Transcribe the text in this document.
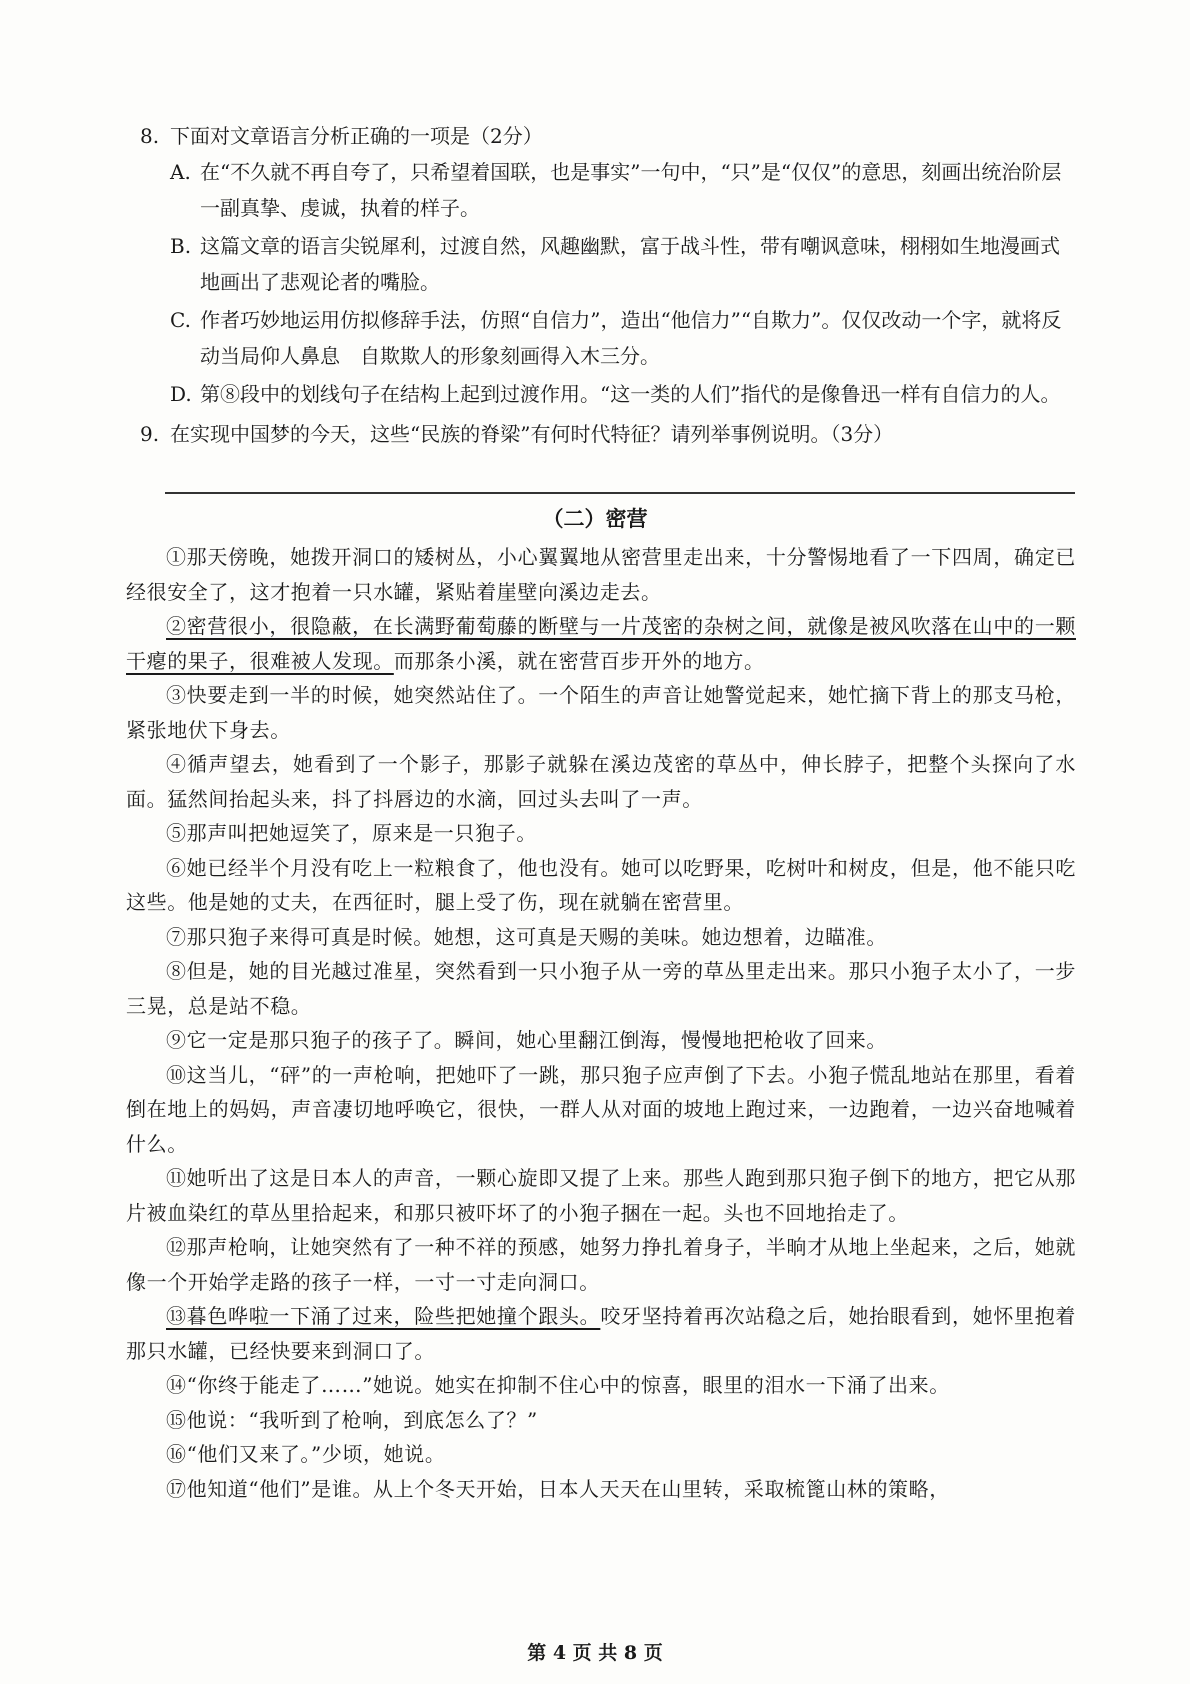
8. 下面对文章语言分析正确的一项是（2分）
A. 在“不久就不再自夸了，只希望着国联，也是事实”一句中，“只”是“仅仅”的意思，刻画出统治阶层一副真挚、虔诚，执着的样子。
B. 这篇文章的语言尖锐犀利，过渡自然，风趣幽默，富于战斗性，带有嘲讽意味，栩栩如生地漫画式地画出了悲观论者的嘴脸。
C. 作者巧妙地运用仿拟修辞手法，仿照“自信力”，造出“他信力”“自欺力”。仅仅改动一个字，就将反动当局仰人鼻息　自欺欺人的形象刻画得入木三分。
D. 第⑧段中的划线句子在结构上起到过渡作用。“这一类的人们”指代的是像鲁迅一样有自信力的人。
9. 在实现中国梦的今天，这些“民族的脊梁”有何时代特征？请列举事例说明。（3分）
（二）密营

①那天傍晚，她拨开洞口的矮树丛，小心翼翼地从密营里走出来，十分警惕地看了一下四周，确定已经很安全了，这才抱着一只水罐，紧贴着崖壁向溪边走去。

②密营很小，很隐蔽，在长满野葡萄藤的断壁与一片茂密的杂树之间，就像是被风吹落在山中的一颗干瘪的果子，很难被人发现。而那条小溪，就在密营百步开外的地方。

③快要走到一半的时候，她突然站住了。一个陌生的声音让她警觉起来，她忙摘下背上的那支马枪，紧张地伏下身去。

④循声望去，她看到了一个影子，那影子就躲在溪边茂密的草丛中，伸长脖子，把整个头探向了水面。猛然间抬起头来，抖了抖唇边的水滴，回过头去叫了一声。

⑤那声叫把她逗笑了，原来是一只狍子。

⑥她已经半个月没有吃上一粒粮食了，他也没有。她可以吃野果，吃树叶和树皮，但是，他不能只吃这些。他是她的丈夫，在西征时，腿上受了伤，现在就躺在密营里。

⑦那只狍子来得可真是时候。她想，这可真是天赐的美味。她边想着，边瞄准。

⑧但是，她的目光越过准星，突然看到一只小狍子从一旁的草丛里走出来。那只小狍子太小了，一步三晃，总是站不稳。

⑨它一定是那只狍子的孩子了。瞬间，她心里翻江倒海，慢慢地把枪收了回来。

⑩这当儿，“砰”的一声枪响，把她吓了一跳，那只狍子应声倒了下去。小狍子慌乱地站在那里，看着倒在地上的妈妈，声音凄切地呼唤它，很快，一群人从对面的坡地上跑过来，一边跑着，一边兴奋地喊着什么。

⑪她听出了这是日本人的声音，一颗心旋即又提了上来。那些人跑到那只狍子倒下的地方，把它从那片被血染红的草丛里拾起来，和那只被吓坏了的小狍子捆在一起。头也不回地抬走了。

⑫那声枪响，让她突然有了一种不祥的预感，她努力挣扎着身子，半晌才从地上坐起来，之后，她就像一个开始学走路的孩子一样，一寸一寸走向洞口。

⑬暮色哗啦一下涌了过来，险些把她撞个跟头。咬牙坚持着再次站稳之后，她抬眼看到，她怀里抱着那只水罐，已经快要来到洞口了。

⑭“你终于能走了……”她说。她实在抑制不住心中的惊喜，眼里的泪水一下涌了出来。

⑮他说：“我听到了枪响，到底怎么了？”

⑯“他们又来了。”少顷，她说。

⑰他知道“他们”是谁。从上个冬天开始，日本人天天在山里转，采取梳篦山林的策略，

第 4 页 共 8 页
